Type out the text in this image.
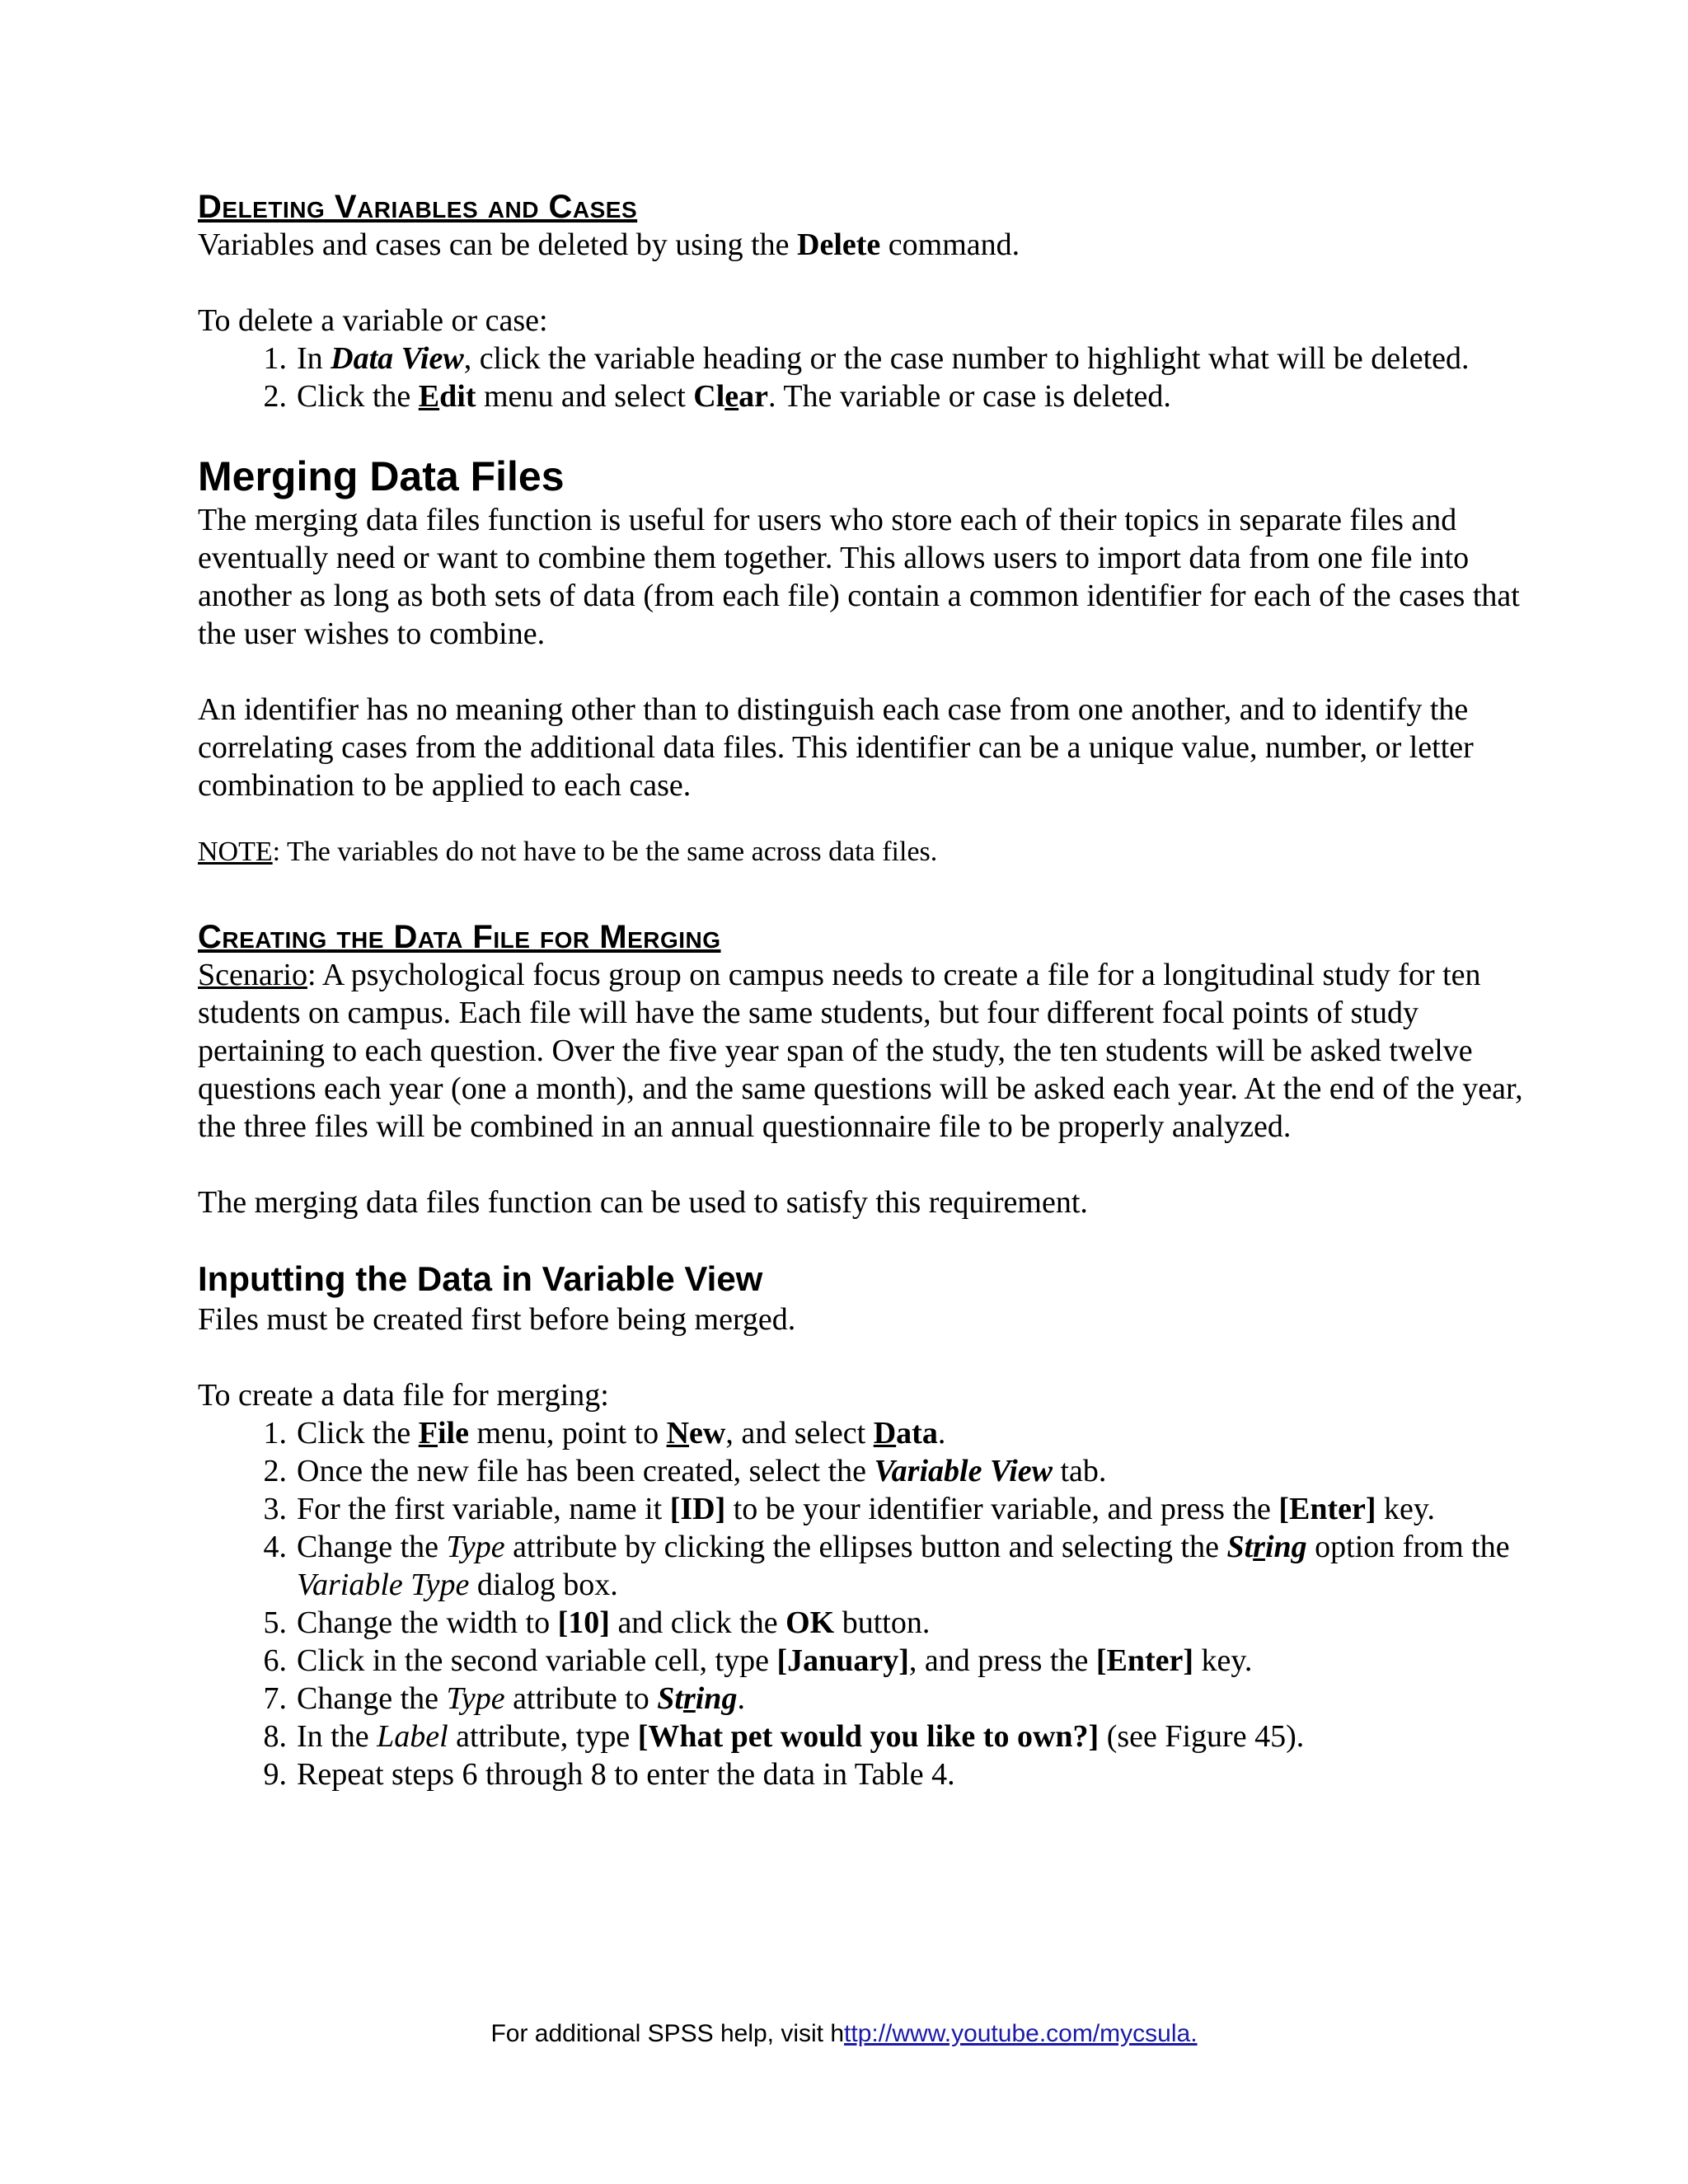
Deleting Variables and Cases

Variables and cases can be deleted by using the Delete command.

To delete a variable or case:

1. In Data View, click the variable heading or the case number to highlight what will be deleted.
2. Click the Edit menu and select Clear. The variable or case is deleted.
Merging Data Files

The merging data files function is useful for users who store each of their topics in separate files and eventually need or want to combine them together. This allows users to import data from one file into another as long as both sets of data (from each file) contain a common identifier for each of the cases that the user wishes to combine.

An identifier has no meaning other than to distinguish each case from one another, and to identify the correlating cases from the additional data files. This identifier can be a unique value, number, or letter combination to be applied to each case.

NOTE: The variables do not have to be the same across data files.

Creating the Data File for Merging

Scenario: A psychological focus group on campus needs to create a file for a longitudinal study for ten students on campus. Each file will have the same students, but four different focal points of study pertaining to each question. Over the five year span of the study, the ten students will be asked twelve questions each year (one a month), and the same questions will be asked each year. At the end of the year, the three files will be combined in an annual questionnaire file to be properly analyzed.

The merging data files function can be used to satisfy this requirement.

Inputting the Data in Variable View

Files must be created first before being merged.

To create a data file for merging:

1. Click the File menu, point to New, and select Data.
2. Once the new file has been created, select the Variable View tab.
3. For the first variable, name it [ID] to be your identifier variable, and press the [Enter] key.
4. Change the Type attribute by clicking the ellipses button and selecting the String option from the Variable Type dialog box.
5. Change the width to [10] and click the OK button.
6. Click in the second variable cell, type [January], and press the [Enter] key.
7. Change the Type attribute to String.
8. In the Label attribute, type [What pet would you like to own?] (see Figure 45).
9. Repeat steps 6 through 8 to enter the data in Table 4.
For additional SPSS help, visit http://www.youtube.com/mycsula.
